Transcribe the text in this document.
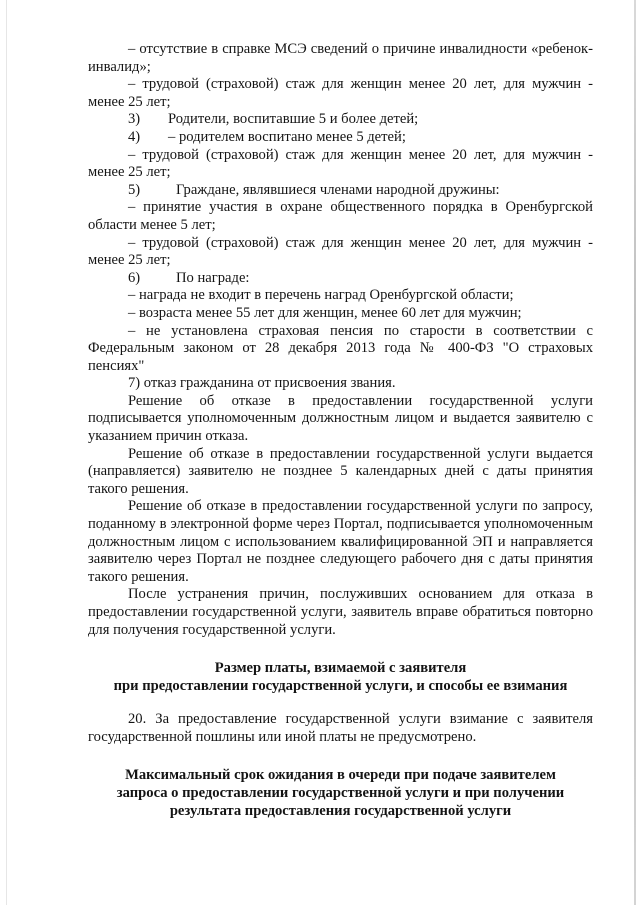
– отсутствие в справке МСЭ сведений о причине инвалидности «ребенок-инвалид»;

– трудовой (страховой) стаж для женщин менее 20 лет, для мужчин - менее 25 лет;

3)	Родители, воспитавшие 5 и более детей;
4)	– родителем воспитано менее 5 детей;

– трудовой (страховой) стаж для женщин менее 20 лет, для мужчин - менее 25 лет;

5)	Граждане, являвшиеся членами народной дружины:

– принятие участия в охране общественного порядка в Оренбургской области менее 5 лет;

– трудовой (страховой) стаж для женщин менее 20 лет, для мужчин - менее 25 лет;

6)	По награде:

– награда не входит в перечень наград Оренбургской области;

– возраста менее 55 лет для женщин, менее 60 лет для мужчин;

– не установлена страховая пенсия по старости в соответствии с Федеральным законом от 28 декабря 2013 года № 400-ФЗ "О страховых пенсиях"

7) отказ гражданина от присвоения звания.

Решение об отказе в предоставлении государственной услуги подписывается уполномоченным должностным лицом и выдается заявителю с указанием причин отказа.

Решение об отказе в предоставлении государственной услуги выдается (направляется) заявителю не позднее 5 календарных дней с даты принятия такого решения.

Решение об отказе в предоставлении государственной услуги по запросу, поданному в электронной форме через Портал, подписывается уполномоченным должностным лицом с использованием квалифицированной ЭП и направляется заявителю через Портал не позднее следующего рабочего дня с даты принятия такого решения.

После устранения причин, послуживших основанием для отказа в предоставлении государственной услуги, заявитель вправе обратиться повторно для получения государственной услуги.

Размер платы, взимаемой с заявителя
при предоставлении государственной услуги, и способы ее взимания

20. За предоставление государственной услуги взимание с заявителя государственной пошлины или иной платы не предусмотрено.

Максимальный срок ожидания в очереди при подаче заявителем
запроса о предоставлении государственной услуги и при получении
результата предоставления государственной услуги
